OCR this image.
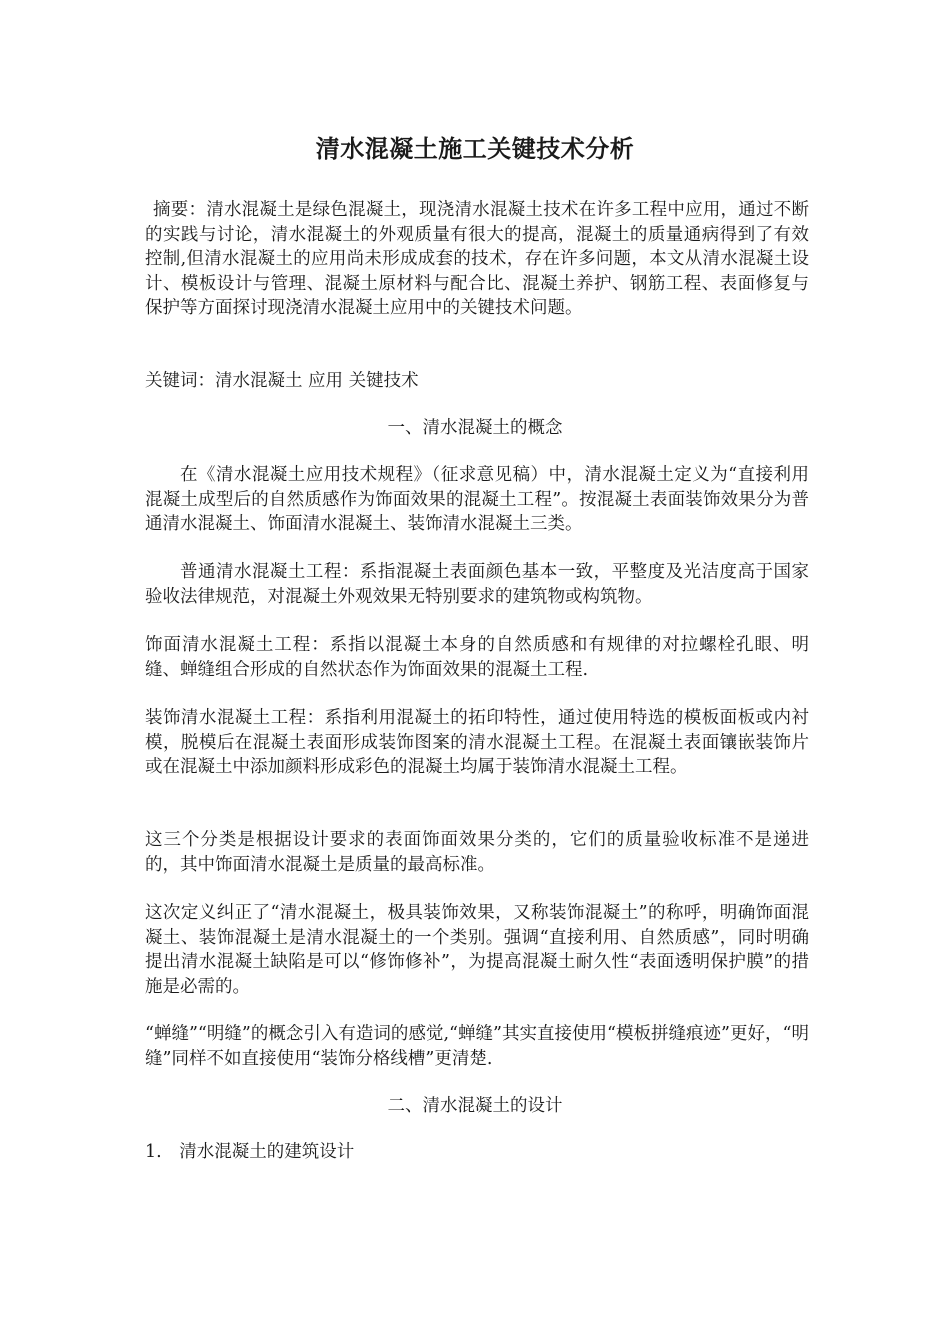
清水混凝土施工关键技术分析

摘要：清水混凝土是绿色混凝土，现浇清水混凝土技术在许多工程中应用，通过不断的实践与讨论，清水混凝土的外观质量有很大的提高，混凝土的质量通病得到了有效控制,但清水混凝土的应用尚未形成成套的技术，存在许多问题，本文从清水混凝土设计、模板设计与管理、混凝土原材料与配合比、混凝土养护、钢筋工程、表面修复与保护等方面探讨现浇清水混凝土应用中的关键技术问题。

关键词：清水混凝土 应用 关键技术

一、清水混凝土的概念

在《清水混凝土应用技术规程》（征求意见稿）中，清水混凝土定义为“直接利用混凝土成型后的自然质感作为饰面效果的混凝土工程”。按混凝土表面装饰效果分为普通清水混凝土、饰面清水混凝土、装饰清水混凝土三类。

普通清水混凝土工程：系指混凝土表面颜色基本一致，平整度及光洁度高于国家验收法律规范，对混凝土外观效果无特别要求的建筑物或构筑物。

饰面清水混凝土工程：系指以混凝土本身的自然质感和有规律的对拉螺栓孔眼、明缝、蝉缝组合形成的自然状态作为饰面效果的混凝土工程.

装饰清水混凝土工程：系指利用混凝土的拓印特性，通过使用特选的模板面板或内衬模，脱模后在混凝土表面形成装饰图案的清水混凝土工程。在混凝土表面镶嵌装饰片或在混凝土中添加颜料形成彩色的混凝土均属于装饰清水混凝土工程。

这三个分类是根据设计要求的表面饰面效果分类的，它们的质量验收标准不是递进的，其中饰面清水混凝土是质量的最高标准。

这次定义纠正了“清水混凝土，极具装饰效果，又称装饰混凝土”的称呼，明确饰面混凝土、装饰混凝土是清水混凝土的一个类别。强调“直接利用、自然质感”，同时明确提出清水混凝土缺陷是可以“修饰修补”，为提高混凝土耐久性“表面透明保护膜”的措施是必需的。

“蝉缝”“明缝”的概念引入有造词的感觉,“蝉缝”其实直接使用“模板拼缝痕迹”更好，“明缝”同样不如直接使用“装饰分格线槽”更清楚.

二、清水混凝土的设计

1.　清水混凝土的建筑设计
